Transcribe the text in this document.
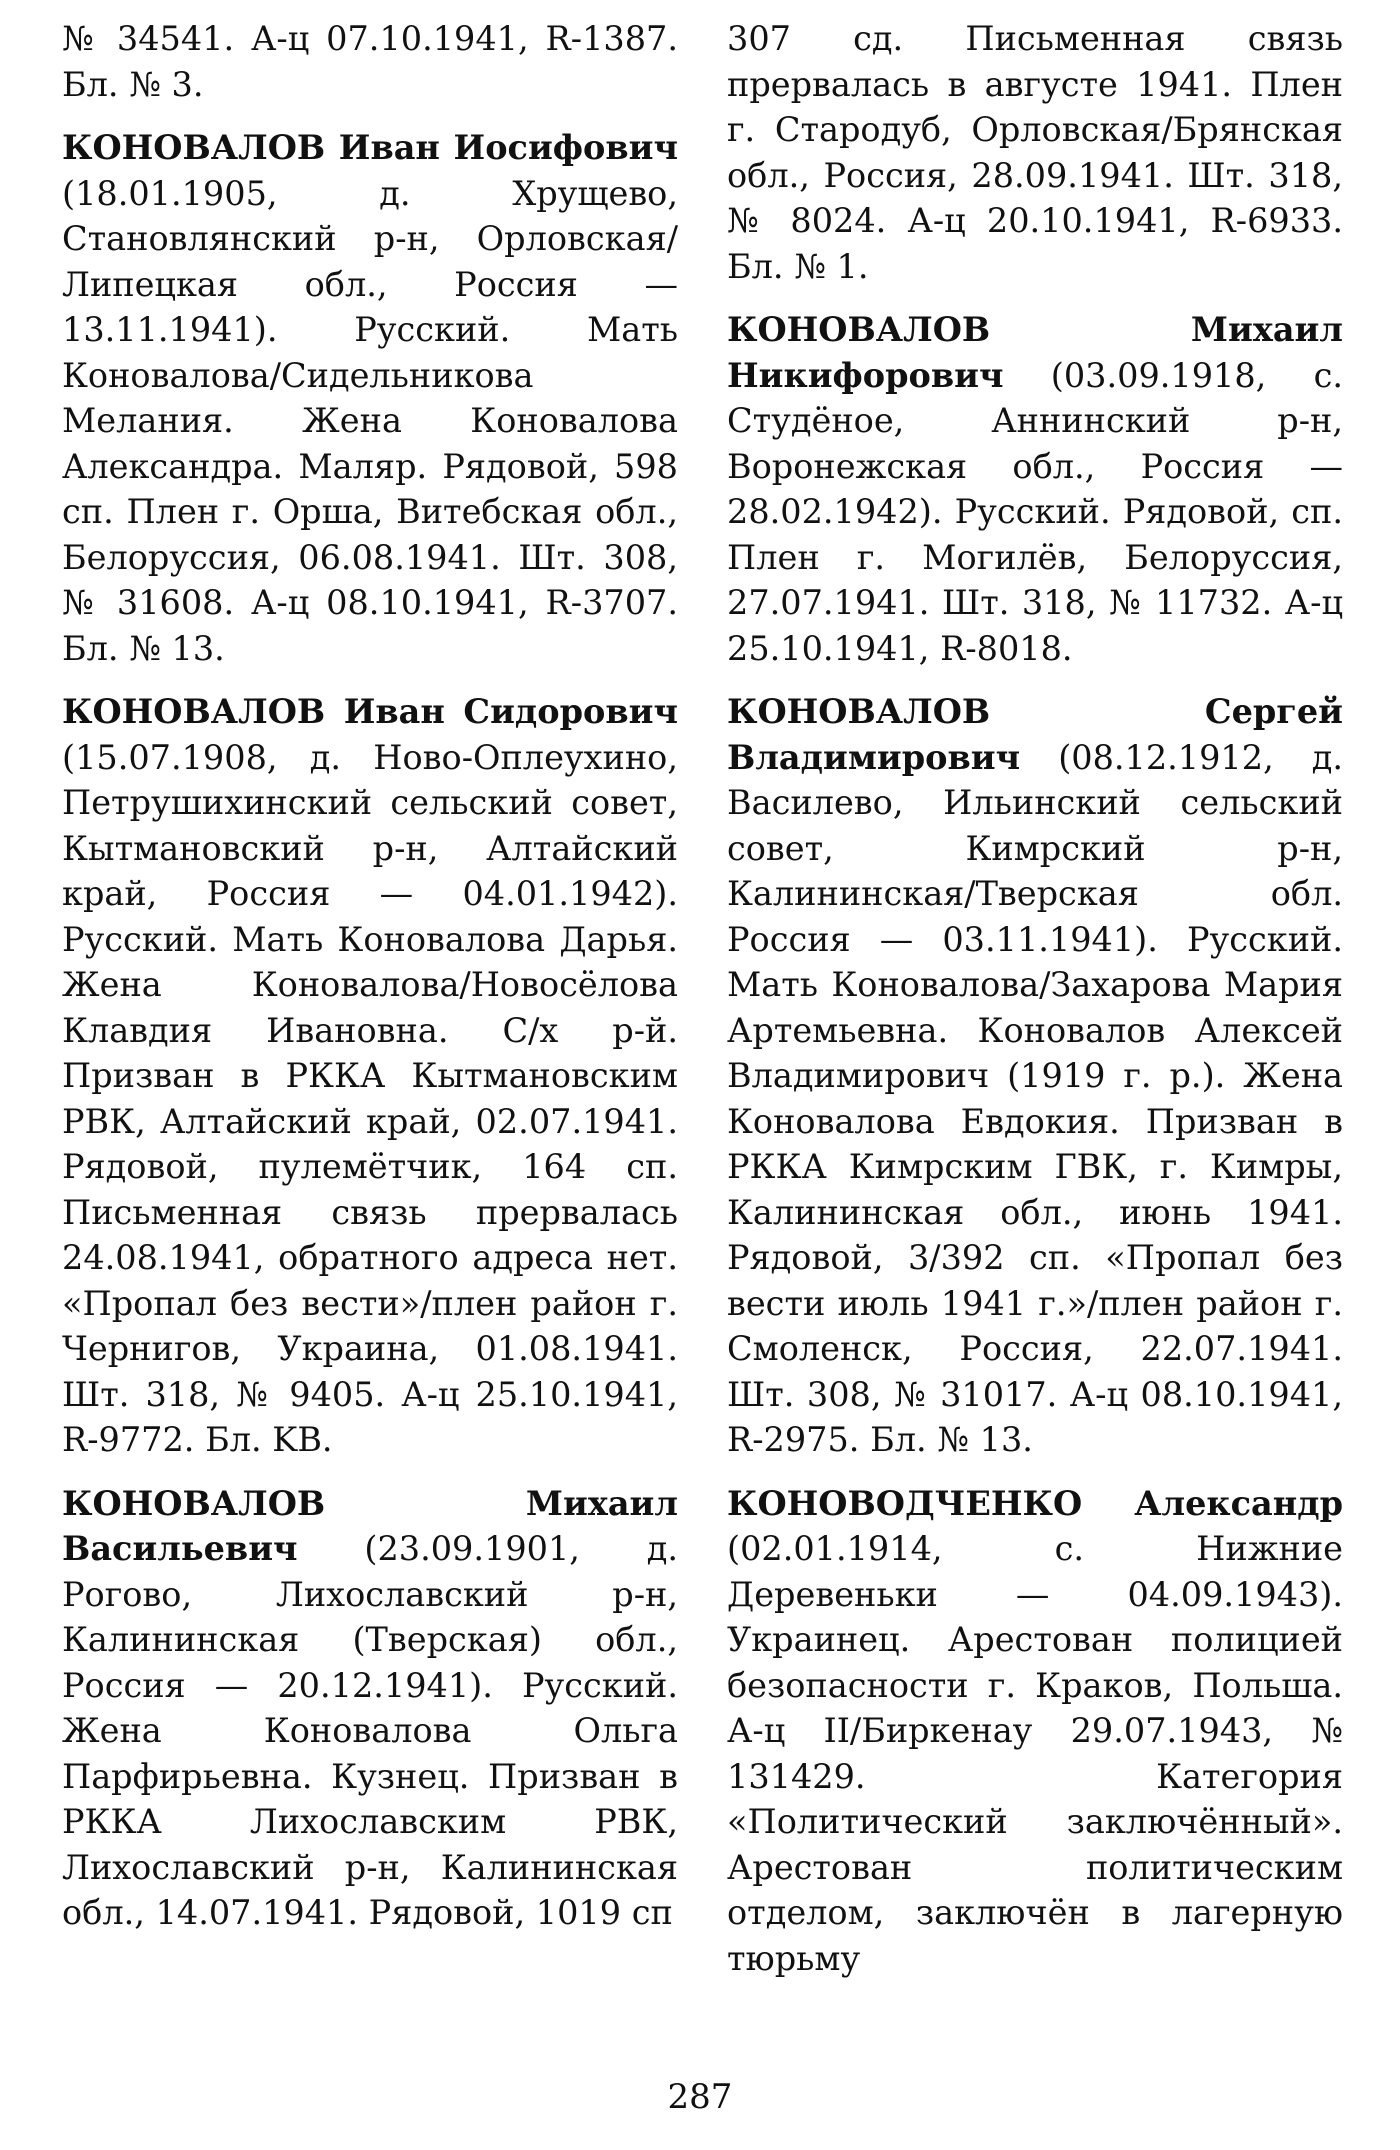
№ 34541. А-ц 07.10.1941, R-1387. Бл. № 3.

КОНОВАЛОВ Иван Иосифович (18.01.1905, д. Хрущево, Становлянский р-н, Орловская/Липецкая обл., Россия — 13.11.1941). Русский. Мать Коновалова/Сидельникова Мелания. Жена Коновалова Александра. Маляр. Рядовой, 598 сп. Плен г. Орша, Витебская обл., Белоруссия, 06.08.1941. Шт. 308, № 31608. А-ц 08.10.1941, R-3707. Бл. № 13.

КОНОВАЛОВ Иван Сидорович (15.07.1908, д. Ново-Оплеухино, Петрушихинский сельский совет, Кытмановский р-н, Алтайский край, Россия — 04.01.1942). Русский. Мать Коновалова Дарья. Жена Коновалова/Новосёлова Клавдия Ивановна. С/х р-й. Призван в РККА Кытмановским РВК, Алтайский край, 02.07.1941. Рядовой, пулемётчик, 164 сп. Письменная связь прервалась 24.08.1941, обратного адреса нет. «Пропал без вести»/плен район г. Чернигов, Украина, 01.08.1941. Шт. 318, № 9405. А-ц 25.10.1941, R-9772. Бл. KB.

КОНОВАЛОВ Михаил Васильевич (23.09.1901, д. Рогово, Лихославский р-н, Калининская (Тверская) обл., Россия — 20.12.1941). Русский. Жена Коновалова Ольга Парфирьевна. Кузнец. Призван в РККА Лихославским РВК, Лихославский р-н, Калининская обл., 14.07.1941. Рядовой, 1019 сп

307 сд. Письменная связь прервалась в августе 1941. Плен г. Стародуб, Орловская/Брянская обл., Россия, 28.09.1941. Шт. 318, № 8024. А-ц 20.10.1941, R-6933. Бл. № 1.

КОНОВАЛОВ Михаил Никифорович (03.09.1918, с. Студёное, Аннинский р-н, Воронежская обл., Россия — 28.02.1942). Русский. Рядовой, сп. Плен г. Могилёв, Белоруссия, 27.07.1941. Шт. 318, № 11732. А-ц 25.10.1941, R-8018.

КОНОВАЛОВ Сергей Владимирович (08.12.1912, д. Василево, Ильинский сельский совет, Кимрский р-н, Калининская/Тверская обл. Россия — 03.11.1941). Русский. Мать Коновалова/Захарова Мария Артемьевна. Коновалов Алексей Владимирович (1919 г. р.). Жена Коновалова Евдокия. Призван в РККА Кимрским ГВК, г. Кимры, Калининская обл., июнь 1941. Рядовой, 3/392 сп. «Пропал без вести июль 1941 г.»/плен район г. Смоленск, Россия, 22.07.1941. Шт. 308, № 31017. А-ц 08.10.1941, R-2975. Бл. № 13.

КОНОВОДЧЕНКО Александр (02.01.1914, с. Нижние Деревеньки — 04.09.1943). Украинец. Арестован полицией безопасности г. Краков, Польша. А-ц II/Биркенау 29.07.1943, № 131429. Категория «Политический заключённый». Арестован политическим отделом, заключён в лагерную тюрьму

287
